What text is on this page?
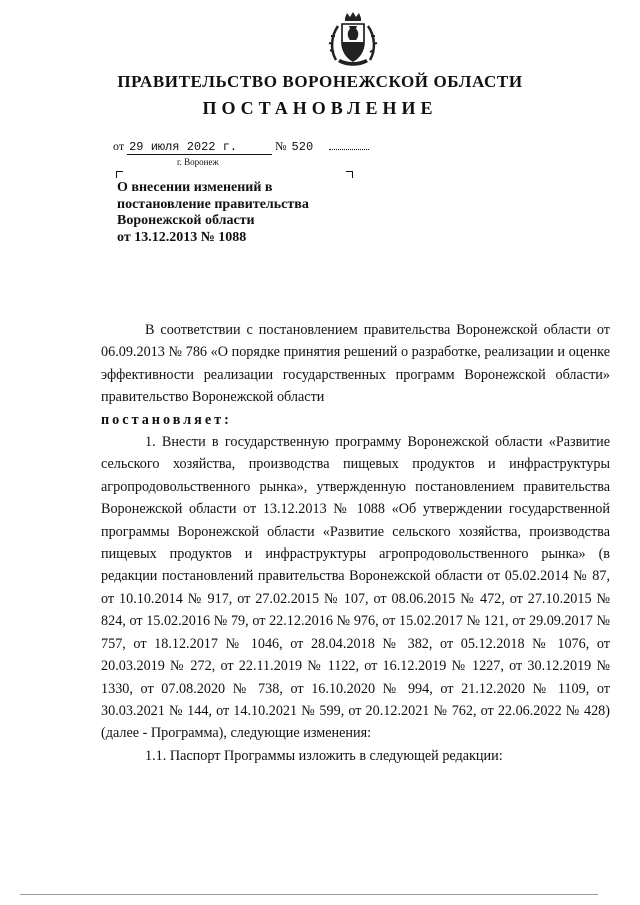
ПРАВИТЕЛЬСТВО ВОРОНЕЖСКОЙ ОБЛАСТИ
ПОСТАНОВЛЕНИЕ
от 29 июля 2022 г.	№ 520
г. Воронеж
О внесении изменений в
постановление правительства
Воронежской области
от 13.12.2013 № 1088

В соответствии с постановлением правительства Воронежской области от 06.09.2013 № 786 «О порядке принятия решений о разработке, реализации и оценке эффективности реализации государственных программ Воронежской области» правительство Воронежской области

постановляет:

1. Внести в государственную программу Воронежской области «Развитие сельского хозяйства, производства пищевых продуктов и инфраструктуры агропродовольственного рынка», утвержденную постановлением правительства Воронежской области от 13.12.2013 № 1088 «Об утверждении государственной программы Воронежской области «Развитие сельского хозяйства, производства пищевых продуктов и инфраструктуры агропродовольственного рынка» (в редакции постановлений правительства Воронежской области от 05.02.2014 № 87, от 10.10.2014 № 917, от 27.02.2015 № 107, от 08.06.2015 № 472, от 27.10.2015 № 824, от 15.02.2016 № 79, от 22.12.2016 № 976, от 15.02.2017 № 121, от 29.09.2017 № 757, от 18.12.2017 № 1046, от 28.04.2018 № 382, от 05.12.2018 № 1076, от 20.03.2019 № 272, от 22.11.2019 № 1122, от 16.12.2019 № 1227, от 30.12.2019 № 1330, от 07.08.2020 № 738, от 16.10.2020 № 994, от 21.12.2020 № 1109, от 30.03.2021 № 144, от 14.10.2021 № 599, от 20.12.2021 № 762, от 22.06.2022 № 428) (далее - Программа), следующие изменения:

1.1. Паспорт Программы изложить в следующей редакции:
